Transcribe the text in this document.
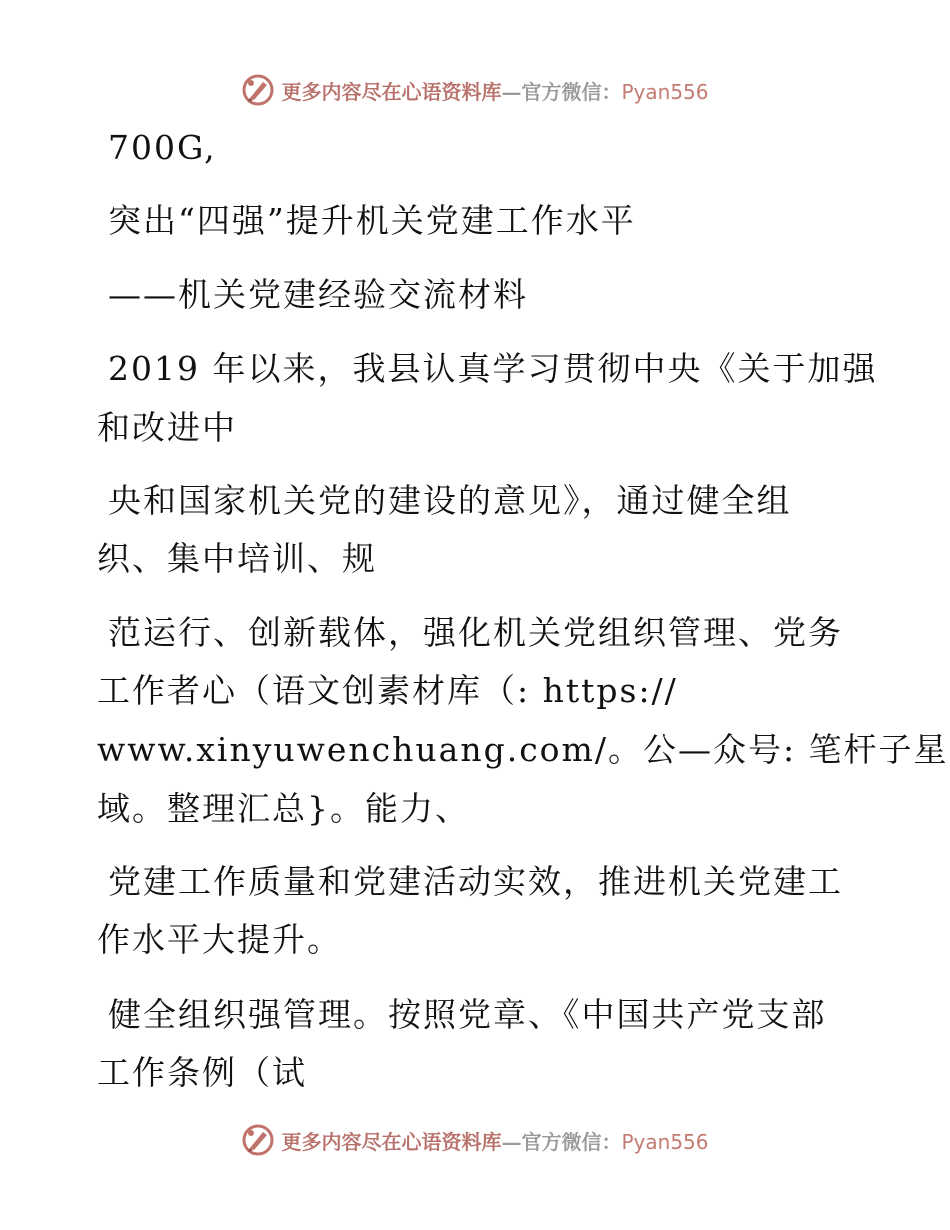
更多内容尽在心语资料库—官方微信：Pyan556
700G,
突出“四强”提升机关党建工作水平
——机关党建经验交流材料
2019 年以来，我县认真学习贯彻中央《关于加强
和改进中
央和国家机关党的建设的意见》，通过健全组
织、集中培训、规
范运行、创新载体，强化机关党组织管理、党务
工作者心（语文创素材库（: https://
www.xinyuwenchuang.com/。公—众号: 笔杆子星
域。整理汇总}。能力、
党建工作质量和党建活动实效，推进机关党建工
作水平大提升。
健全组织强管理。按照党章、《中国共产党支部
工作条例（试
更多内容尽在心语资料库—官方微信：Pyan556
